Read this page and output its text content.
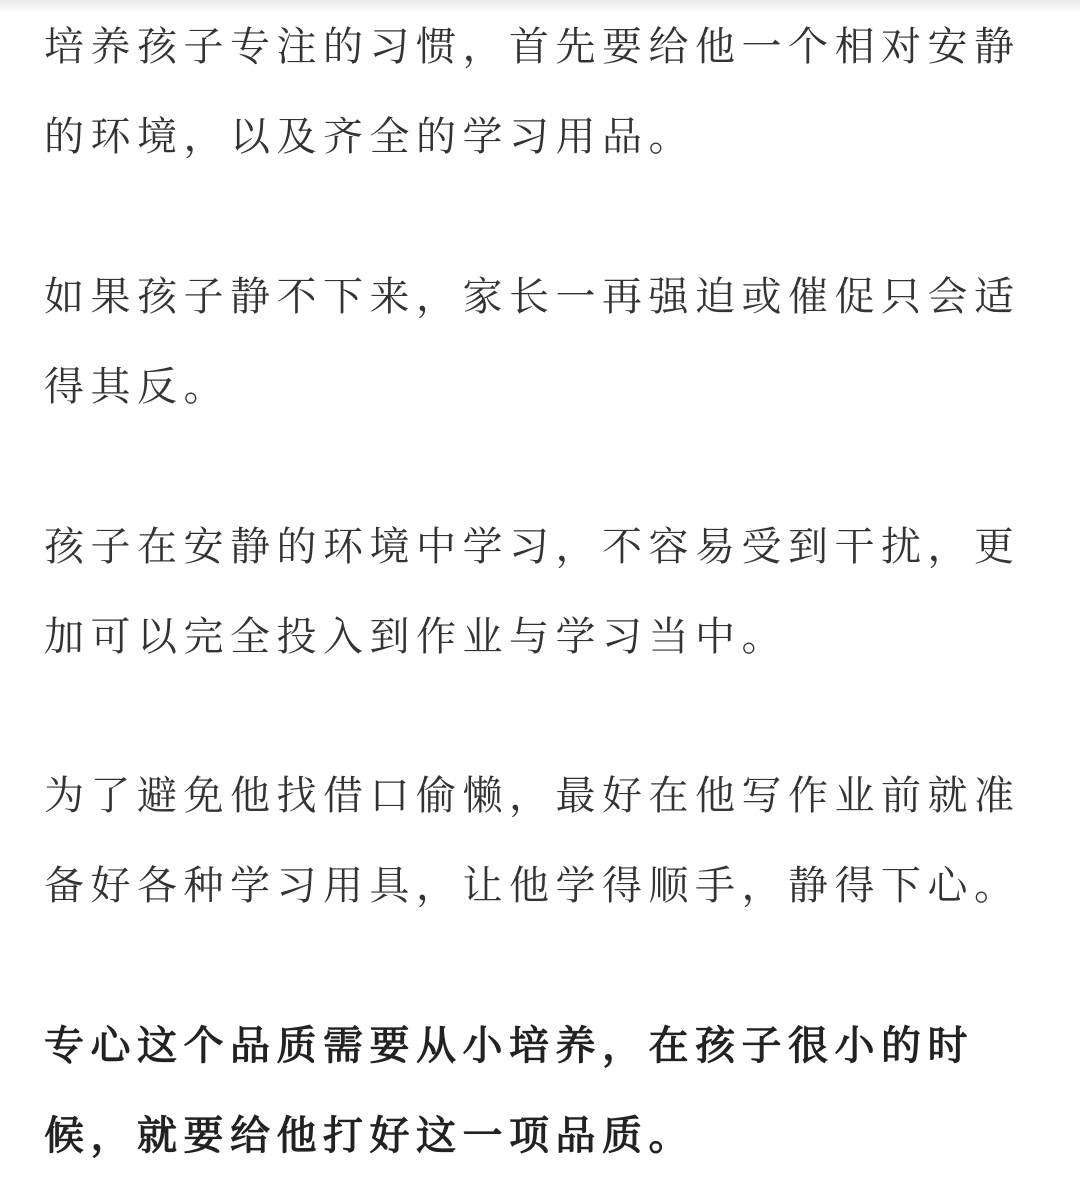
培养孩子专注的习惯，首先要给他一个相对安静
的环境，以及齐全的学习用品。

如果孩子静不下来，家长一再强迫或催促只会适
得其反。

孩子在安静的环境中学习，不容易受到干扰，更
加可以完全投入到作业与学习当中。

为了避免他找借口偷懒，最好在他写作业前就准
备好各种学习用具，让他学得顺手，静得下心。

专心这个品质需要从小培养，在孩子很小的时
候，就要给他打好这一项品质。
